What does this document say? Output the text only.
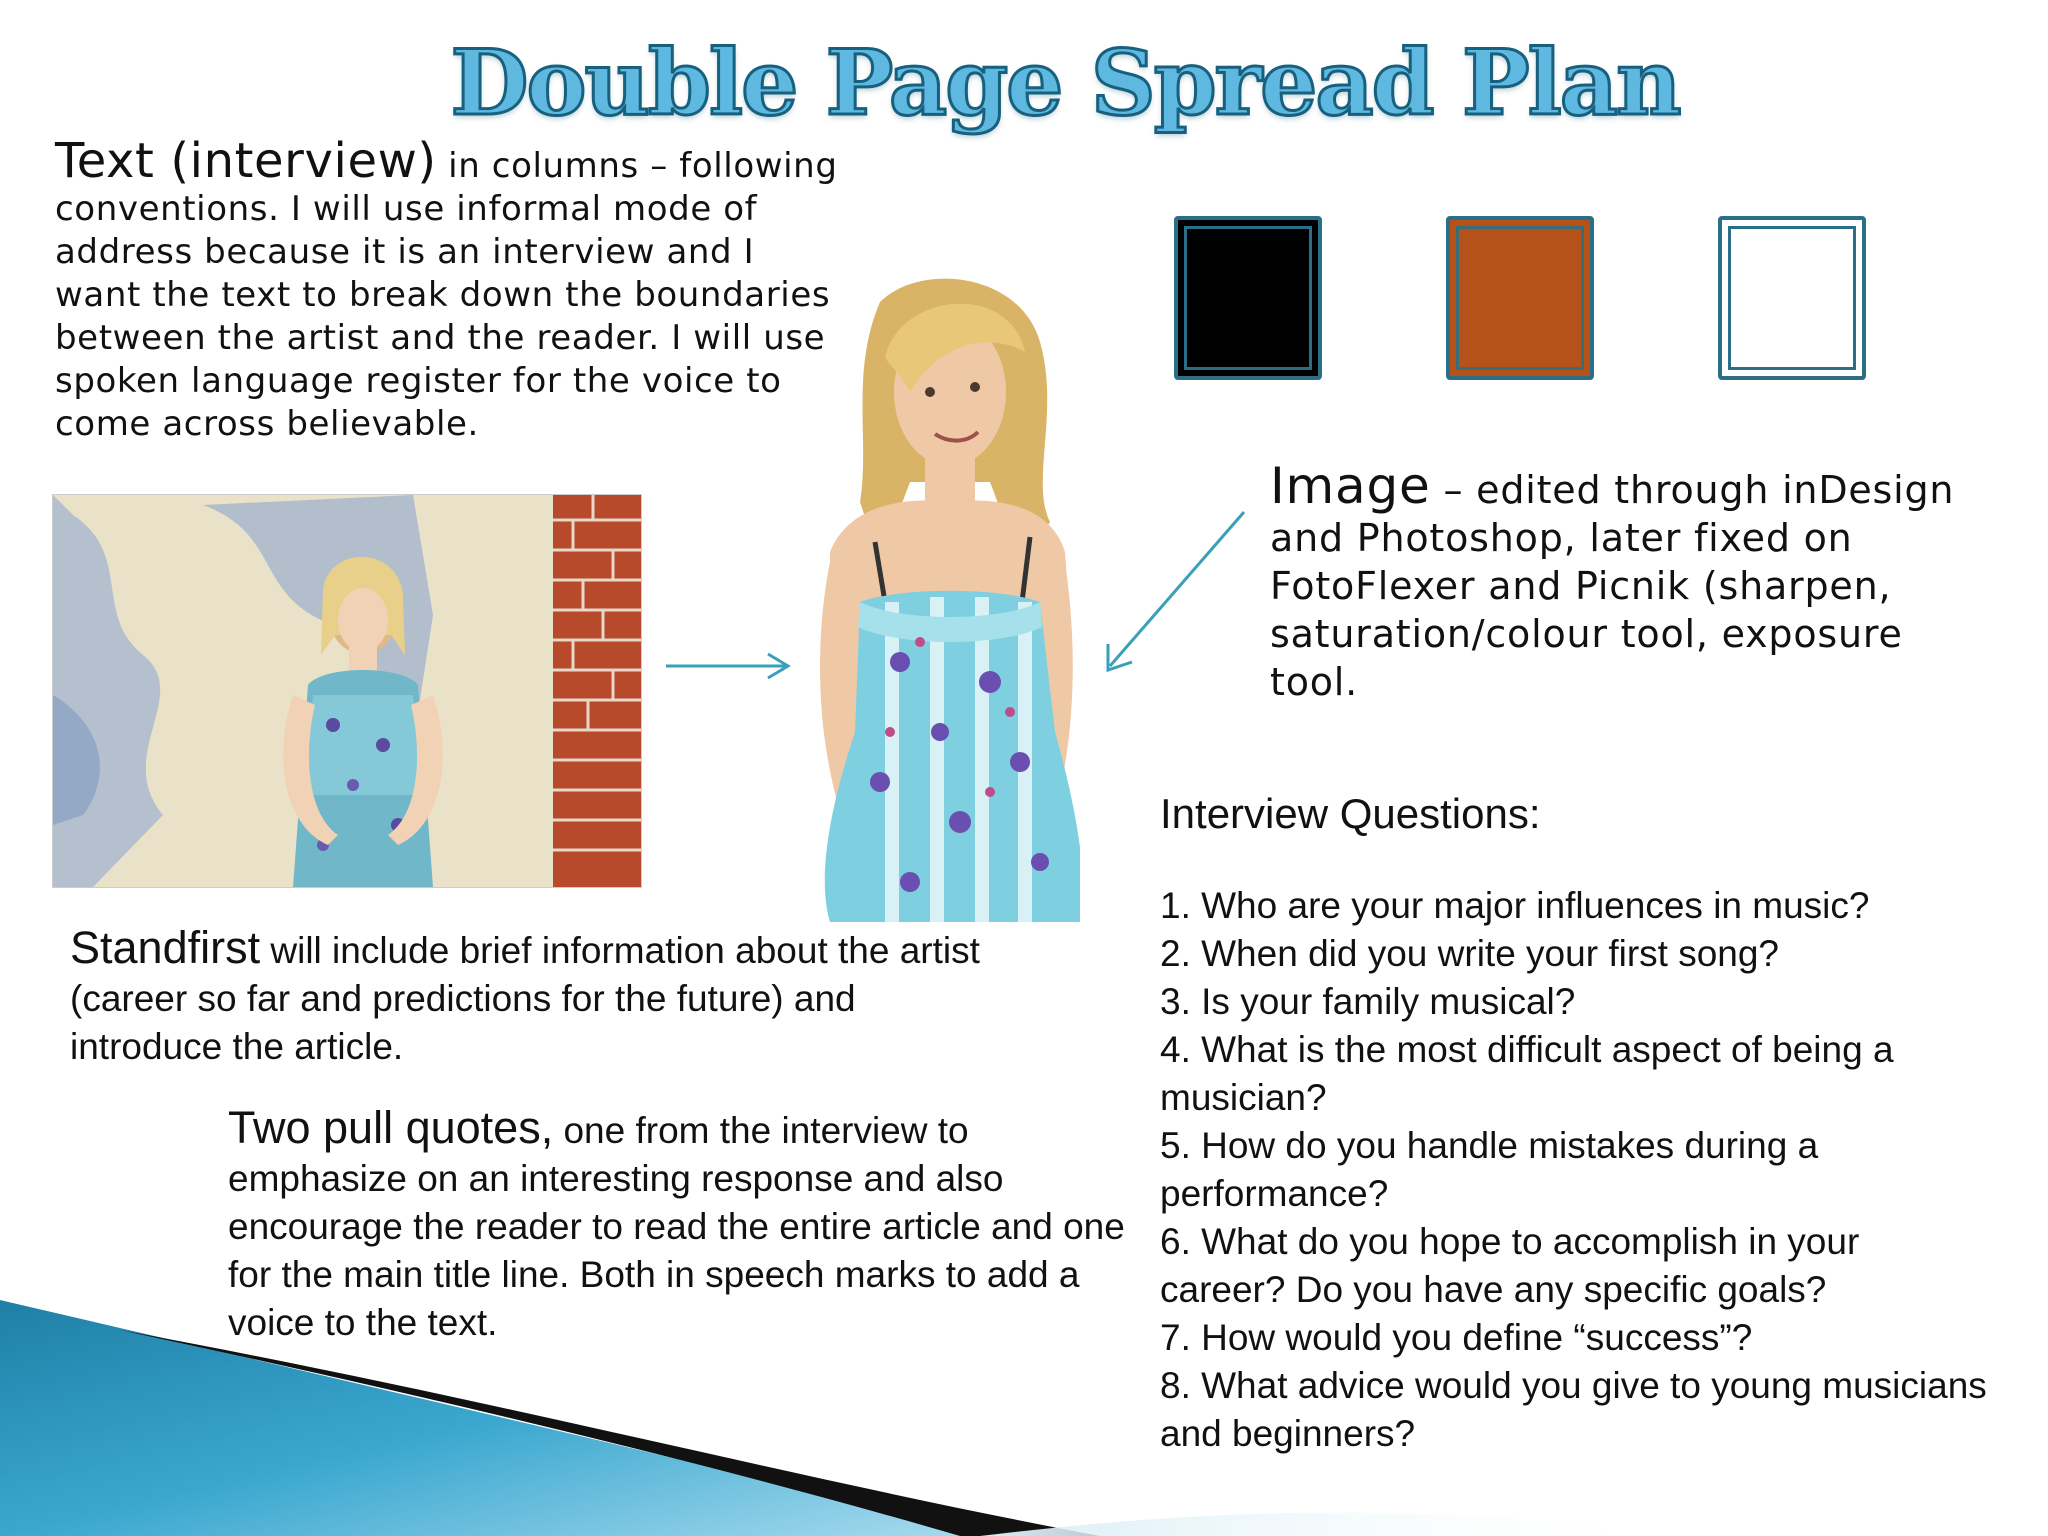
Double Page Spread Plan
Text (interview) in columns – following conventions. I will use informal mode of address because it is an interview and I want the text to break down the boundaries between the artist and the reader. I will use spoken language register for the voice to come across believable.
Image – edited through inDesign and Photoshop, later fixed on FotoFlexer and Picnik (sharpen, saturation/colour tool, exposure tool.
Standfirst will include brief information about the artist (career so far and predictions for the future) and introduce the article.
Two pull quotes, one from the interview to emphasize on an interesting response and also encourage the reader to read the entire article and one for the main title line. Both in speech marks to add a voice to the text.
Interview Questions:
1. Who are your major influences in music?
2. When did you write your first song?
3. Is your family musical?
4. What is the most difficult aspect of being a musician?
5. How do you handle mistakes during a performance?
6. What do you hope to accomplish in your career? Do you have any specific goals?
7. How would you define “success”?
8. What advice would you give to young musicians and beginners?
